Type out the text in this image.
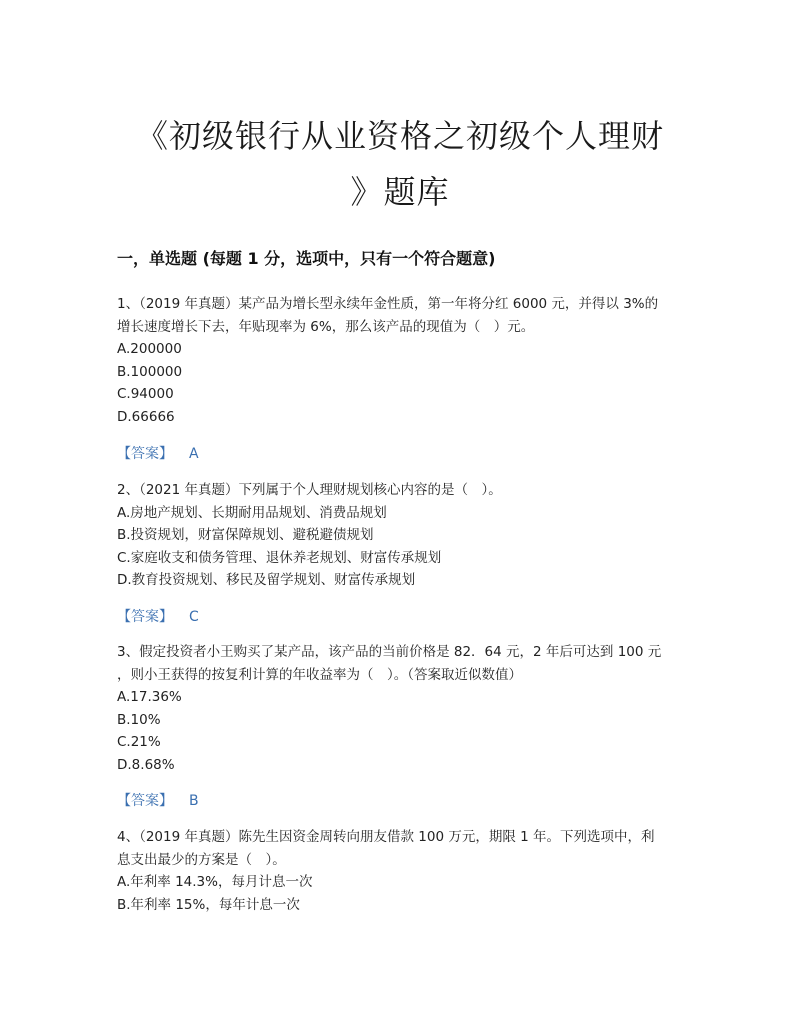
《初级银行从业资格之初级个人理财
》题库
一，单选题 (每题 1 分，选项中，只有一个符合题意)
1、（2019 年真题）某产品为增长型永续年金性质，第一年将分红 6000 元，并得以 3%的
增长速度增长下去，年贴现率为 6%，那么该产品的现值为（　）元。
A.200000
B.100000
C.94000
D.66666
【答案】 A
2、（2021 年真题）下列属于个人理财规划核心内容的是（　）。
A.房地产规划、长期耐用品规划、消费品规划
B.投资规划，财富保障规划、避税避债规划
C.家庭收支和债务管理、退休养老规划、财富传承规划
D.教育投资规划、移民及留学规划、财富传承规划
【答案】 C
3、假定投资者小王购买了某产品，该产品的当前价格是 82．64 元，2 年后可达到 100 元
，则小王获得的按复利计算的年收益率为（　）。（答案取近似数值）
A.17.36%
B.10%
C.21%
D.8.68%
【答案】 B
4、（2019 年真题）陈先生因资金周转向朋友借款 100 万元，期限 1 年。下列选项中，利
息支出最少的方案是（　）。
A.年利率 14.3%，每月计息一次
B.年利率 15%，每年计息一次
